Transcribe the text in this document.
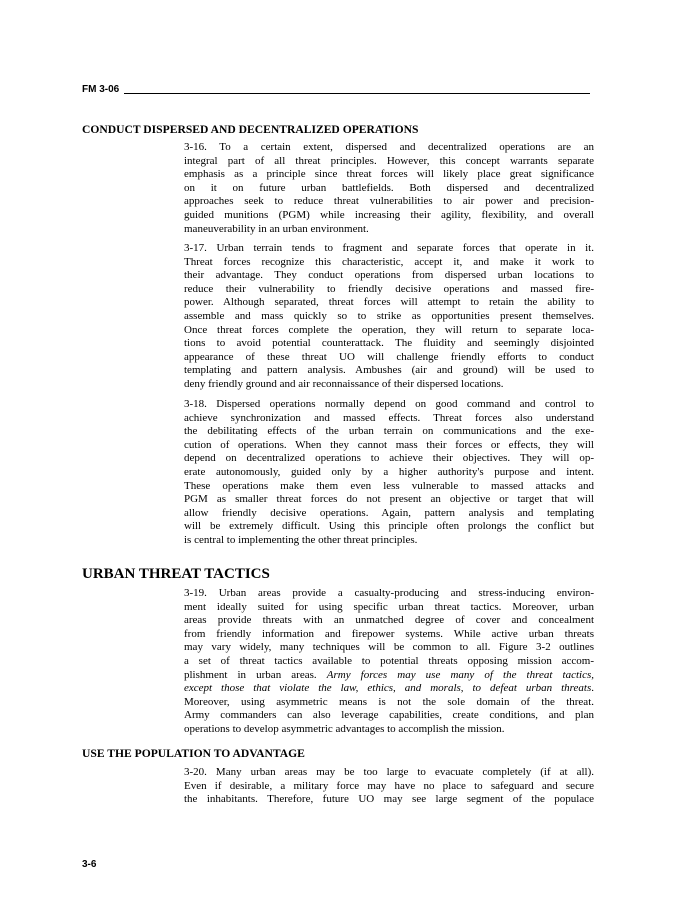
FM 3-06
CONDUCT DISPERSED AND DECENTRALIZED OPERATIONS
3-16. To a certain extent, dispersed and decentralized operations are an
integral part of all threat principles. However, this concept warrants separate
emphasis as a principle since threat forces will likely place great significance
on it on future urban battlefields. Both dispersed and decentralized
approaches seek to reduce threat vulnerabilities to air power and precision-
guided munitions (PGM) while increasing their agility, flexibility, and overall
maneuverability in an urban environment.
3-17. Urban terrain tends to fragment and separate forces that operate in it.
Threat forces recognize this characteristic, accept it, and make it work to
their advantage. They conduct operations from dispersed urban locations to
reduce their vulnerability to friendly decisive operations and massed fire-
power. Although separated, threat forces will attempt to retain the ability to
assemble and mass quickly so to strike as opportunities present themselves.
Once threat forces complete the operation, they will return to separate loca-
tions to avoid potential counterattack. The fluidity and seemingly disjointed
appearance of these threat UO will challenge friendly efforts to conduct
templating and pattern analysis. Ambushes (air and ground) will be used to
deny friendly ground and air reconnaissance of their dispersed locations.
3-18. Dispersed operations normally depend on good command and control to
achieve synchronization and massed effects. Threat forces also understand
the debilitating effects of the urban terrain on communications and the exe-
cution of operations. When they cannot mass their forces or effects, they will
depend on decentralized operations to achieve their objectives. They will op-
erate autonomously, guided only by a higher authority's purpose and intent.
These operations make them even less vulnerable to massed attacks and
PGM as smaller threat forces do not present an objective or target that will
allow friendly decisive operations. Again, pattern analysis and templating
will be extremely difficult. Using this principle often prolongs the conflict but
is central to implementing the other threat principles.
URBAN THREAT TACTICS
3-19. Urban areas provide a casualty-producing and stress-inducing environ-
ment ideally suited for using specific urban threat tactics. Moreover, urban
areas provide threats with an unmatched degree of cover and concealment
from friendly information and firepower systems. While active urban threats
may vary widely, many techniques will be common to all. Figure 3-2 outlines
a set of threat tactics available to potential threats opposing mission accom-
plishment in urban areas. Army forces may use many of the threat tactics,
except those that violate the law, ethics, and morals, to defeat urban threats.
Moreover, using asymmetric means is not the sole domain of the threat.
Army commanders can also leverage capabilities, create conditions, and plan
operations to develop asymmetric advantages to accomplish the mission.
USE THE POPULATION TO ADVANTAGE
3-20. Many urban areas may be too large to evacuate completely (if at all).
Even if desirable, a military force may have no place to safeguard and secure
the inhabitants. Therefore, future UO may see large segment of the populace
3-6
